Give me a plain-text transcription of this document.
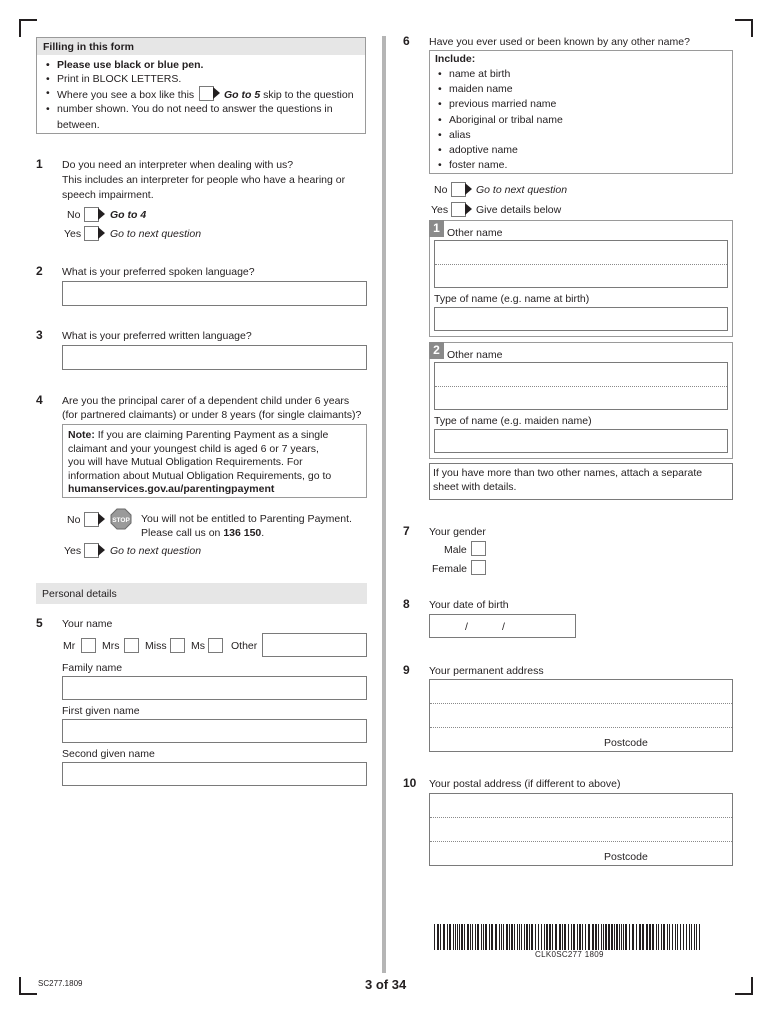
Filling in this form
• Please use black or blue pen.
• Print in BLOCK LETTERS.
• Where you see a box like this	Go to 5 skip to the question
• number shown. You do not need to answer the questions in
between.
1 Do you need an interpreter when dealing with us?
This includes an interpreter for people who have a hearing or
speech impairment.
No	Go to 4
Yes	Go to next question
2 What is your preferred spoken language?
3 What is your preferred written language?
4 Are you the principal carer of a dependent child under 6 years
(for partnered claimants) or under 8 years (for single claimants)?
Note: If you are claiming Parenting Payment as a single
claimant and your youngest child is aged 6 or 7 years,
you will have Mutual Obligation Requirements. For
information about Mutual Obligation Requirements, go to
humanservices.gov.au/parentingpayment
No	STOP You will not be entitled to Parenting Payment.
Please call us on 136 150.
Yes	Go to next question
Personal details
5 Your name
Mr	Mrs Miss Ms Other
Family name
First given name
Second given name
6 Have you ever used or been known by any other name?
Include:
• name at birth
• maiden name
• previous married name
• Aboriginal or tribal name
• alias
• adoptive name
• foster name.
No	Go to next question
Yes	Give details below
1 Other name
Type of name (e.g. name at birth)
2 Other name
Type of name (e.g. maiden name)
If you have more than two other names, attach a separate
sheet with details.
7 Your gender
Male
Female
8 Your date of birth
/	/
9 Your permanent address
Postcode
10 Your postal address (if different to above)
Postcode
CLK0SC277 1809
SC277.1809	3 of 34
